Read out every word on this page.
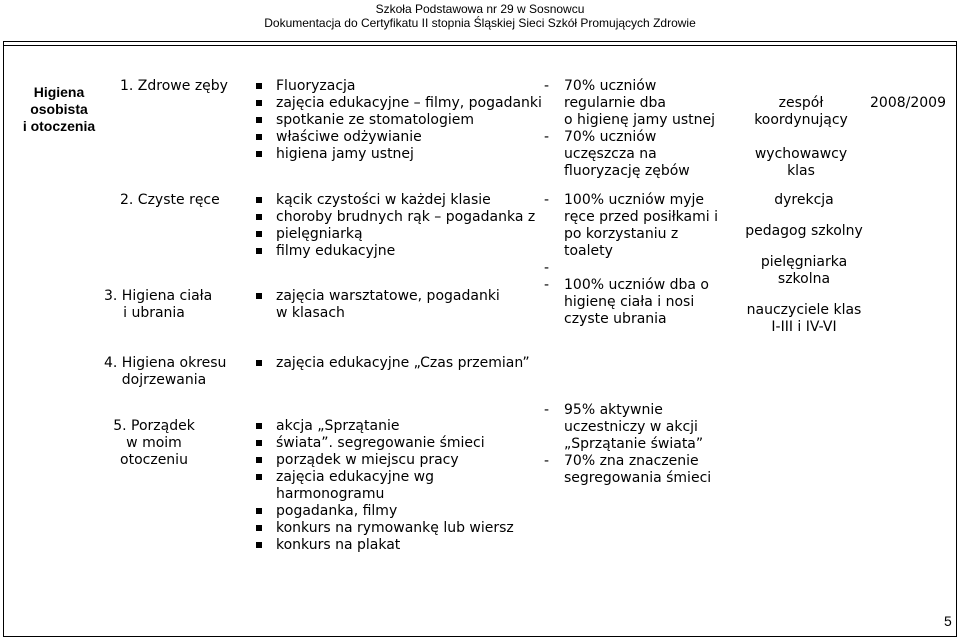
Szkoła Podstawowa nr 29 w Sosnowcu
Dokumentacja do Certyfikatu II stopnia Śląskiej Sieci Szkół Promujących Zdrowie
Higiena
osobista
i otoczenia
1. Zdrowe zęby	Fluoryzacja
zajęcia edukacyjne – filmy, pogadanki
spotkanie ze stomatologiem
właściwe odżywianie
higiena jamy ustnej
- 70% uczniów
regularnie dba
o higienę jamy ustnej
- 70% uczniów
uczęszcza na
fluoryzację zębów
zespół
koordynujący
wychowawcy
klas
2008/2009
2. Czyste ręce	kącik czystości w każdej klasie
choroby brudnych rąk – pogadanka z
pielęgniarką
filmy edukacyjne
- 100% uczniów myje
ręce przed posiłkami i
po korzystaniu z
toalety
-
- 100% uczniów dba o
higienę ciała i nosi
czyste ubrania
dyrekcja
pedagog szkolny
pielęgniarka
szkolna
nauczyciele klas
I-III i IV-VI
3. Higiena ciała
i ubrania
zajęcia warsztatowe, pogadanki
w klasach
4. Higiena okresu
dojrzewania
zajęcia edukacyjne „Czas przemian”
5. Porządek
w moim
otoczeniu
akcja „Sprzątanie
świata”. segregowanie śmieci
porządek w miejscu pracy
zajęcia edukacyjne wg
harmonogramu
pogadanka, filmy
konkurs na rymowankę lub wiersz
konkurs na plakat
- 95% aktywnie
uczestniczy w akcji
„Sprzątanie świata”
- 70% zna znaczenie
segregowania śmieci
5
